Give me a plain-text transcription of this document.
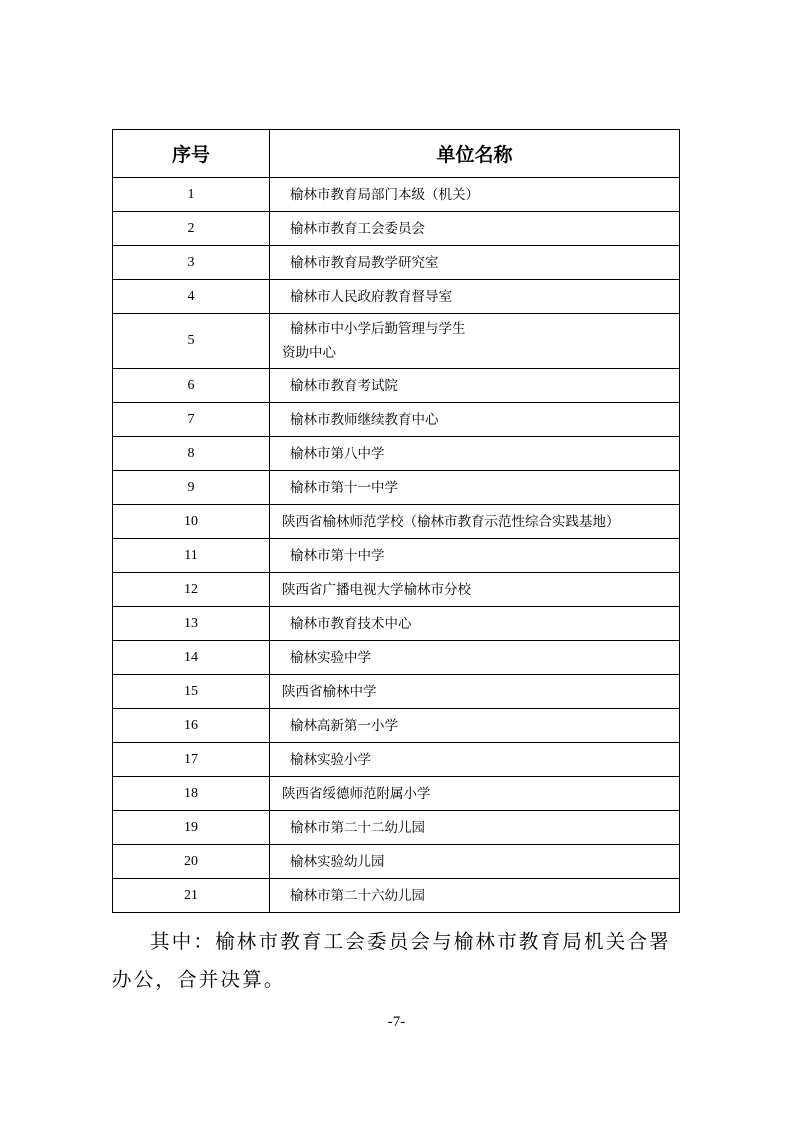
序号	单位名称
1	榆林市教育局部门本级（机关）
2	榆林市教育工会委员会
3	榆林市教育局教学研究室
4	榆林市人民政府教育督导室
5	榆林市中小学后勤管理与学生
资助中心

6	榆林市教育考试院
7	榆林市教师继续教育中心
8	榆林市第八中学
9	榆林市第十一中学
10	陕西省榆林师范学校（榆林市教育示范性综合实践基地）
11	榆林市第十中学
12	陕西省广播电视大学榆林市分校
13	榆林市教育技术中心
14	榆林实验中学
15	陕西省榆林中学
16	榆林高新第一小学
17	榆林实验小学
18	陕西省绥德师范附属小学
19	榆林市第二十二幼儿园
20	榆林实验幼儿园
21	榆林市第二十六幼儿园
其中：榆林市教育工会委员会与榆林市教育局机关合署办公，合并决算。
-7-
